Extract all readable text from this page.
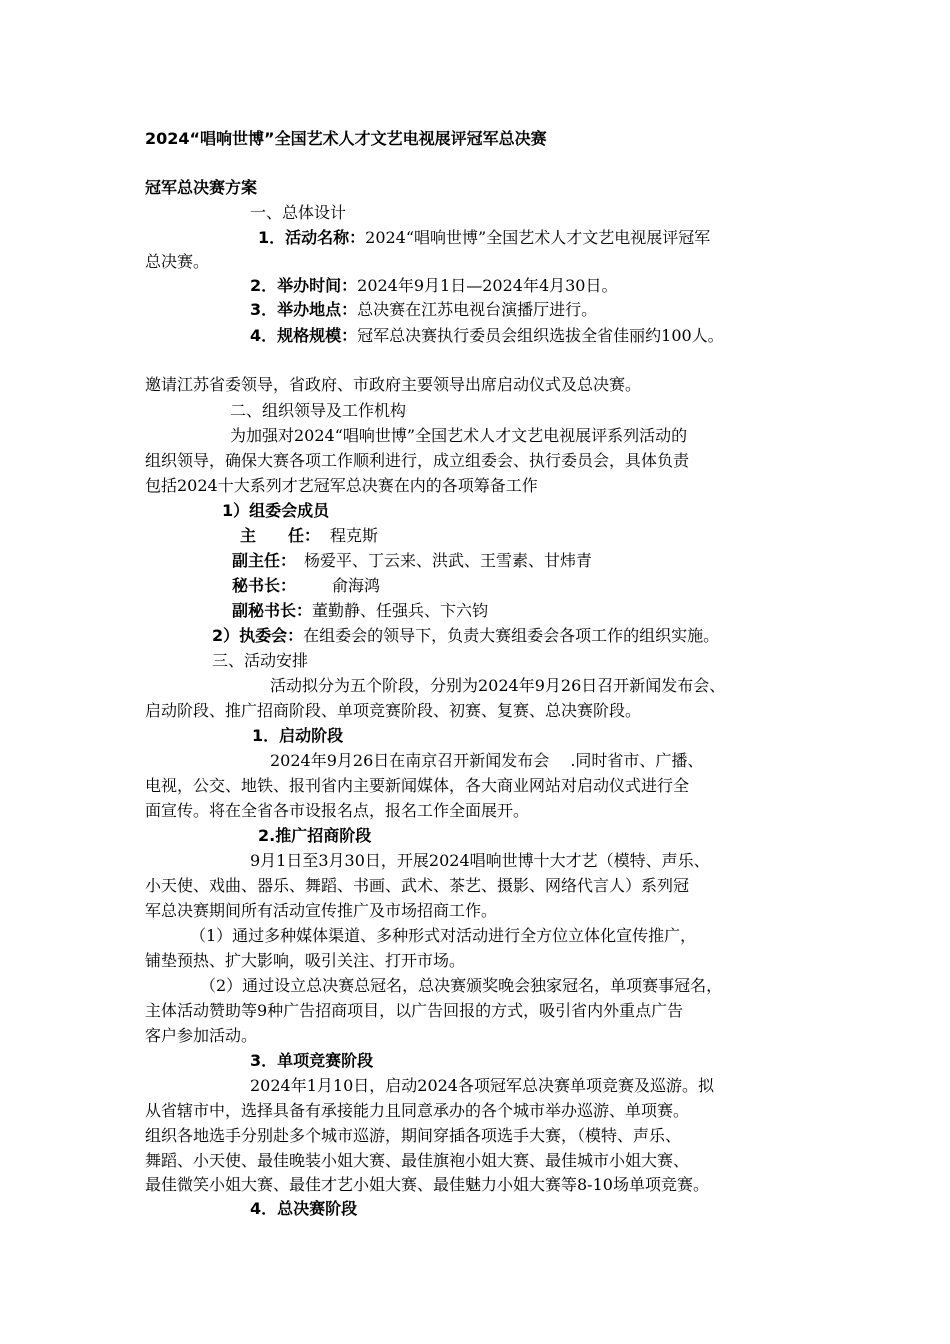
2024“唱响世博”全国艺术人才文艺电视展评冠军总决赛
冠军总决赛方案
一、总体设计
1．活动名称：2024“唱响世博”全国艺术人才文艺电视展评冠军
总决赛。
2．举办时间：2024年9月1日—2024年4月30日。
3．举办地点：总决赛在江苏电视台演播厅进行。
4．规格规模：冠军总决赛执行委员会组织选拔全省佳丽约100人。
邀请江苏省委领导，省政府、市政府主要领导出席启动仪式及总决赛。
二、组织领导及工作机构
为加强对2024“唱响世博”全国艺术人才文艺电视展评系列活动的
组织领导，确保大赛各项工作顺利进行，成立组委会、执行委员会，具体负责
包括2024十大系列才艺冠军总决赛在内的各项筹备工作
1）组委会成员
主　　任： 程克斯
副主任： 杨爱平、丁云来、洪武、王雪素、甘炜青
秘书长： 俞海鸿
副秘书长：董勤静、任强兵、卞六钧
2）执委会：在组委会的领导下，负责大赛组委会各项工作的组织实施。
三、活动安排
活动拟分为五个阶段，分别为2024年9月26日召开新闻发布会、
启动阶段、推广招商阶段、单项竞赛阶段、初赛、复赛、总决赛阶段。
1．启动阶段
2024年9月26日在南京召开新闻发布会　 .同时省市、广播、
电视，公交、地铁、报刊省内主要新闻媒体，各大商业网站对启动仪式进行全
面宣传。将在全省各市设报名点，报名工作全面展开。
2.推广招商阶段
9月1日至3月30日，开展2024唱响世博十大才艺（模特、声乐、
小天使、戏曲、器乐、舞蹈、书画、武术、茶艺、摄影、网络代言人）系列冠
军总决赛期间所有活动宣传推广及市场招商工作。
（1）通过多种媒体渠道、多种形式对活动进行全方位立体化宣传推广，
铺垫预热、扩大影响，吸引关注、打开市场。
（2）通过设立总决赛总冠名，总决赛颁奖晚会独家冠名，单项赛事冠名，
主体活动赞助等9种广告招商项目，以广告回报的方式，吸引省内外重点广告
客户参加活动。
3．单项竞赛阶段
2024年1月10日，启动2024各项冠军总决赛单项竞赛及巡游。拟
从省辖市中，选择具备有承接能力且同意承办的各个城市举办巡游、单项赛。
组织各地选手分别赴多个城市巡游，期间穿插各项选手大赛，（模特、声乐、
舞蹈、小天使、最佳晚装小姐大赛、最佳旗袍小姐大赛、最佳城市小姐大赛、
最佳微笑小姐大赛、最佳才艺小姐大赛、最佳魅力小姐大赛等8-10场单项竞赛。
4．总决赛阶段
